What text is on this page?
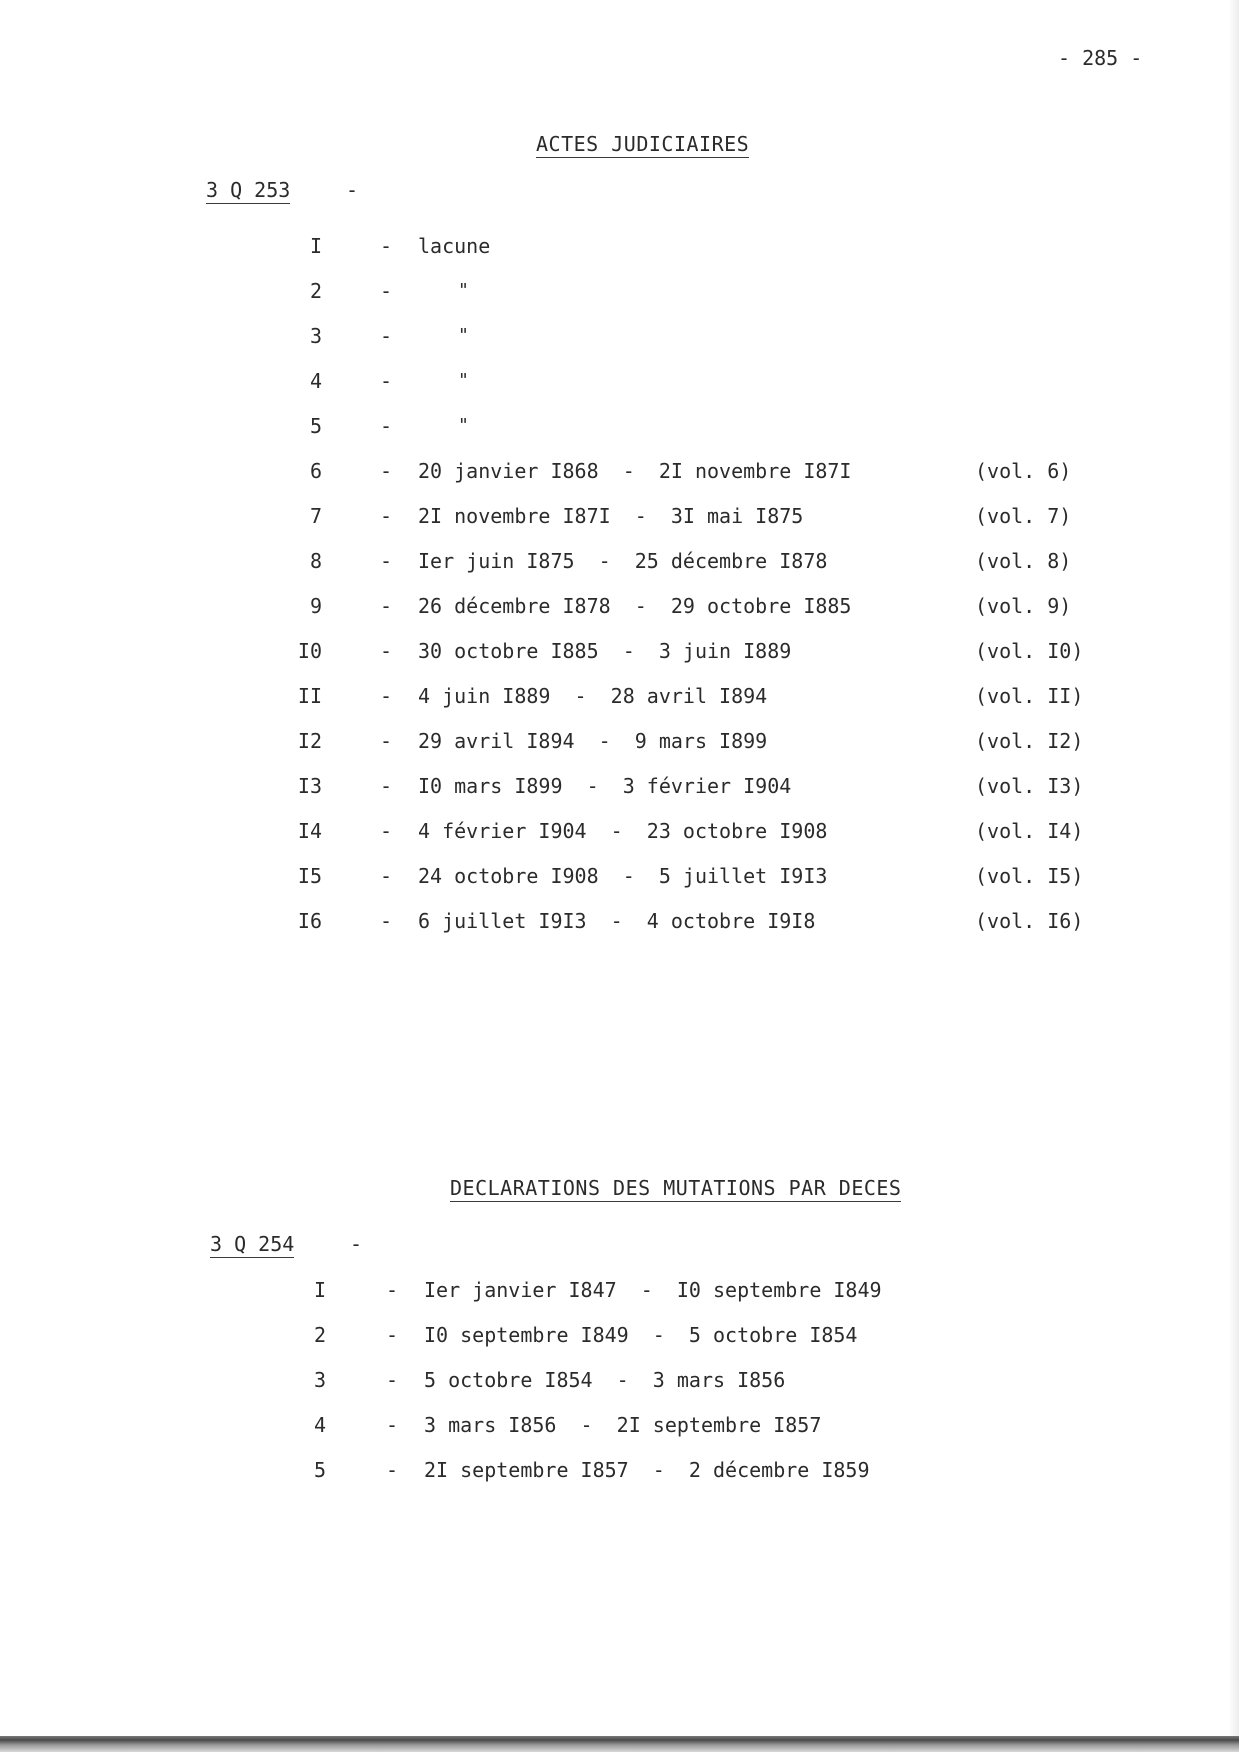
- 285 -
ACTES JUDICIAIRES
3 Q 253	-
I	- lacune
2	-	"
3	-	"
4	-	"
5	-	"
6	- 20 janvier I868  -  2I novembre I87I	(vol. 6)
7	- 2I novembre I87I  -  3I mai I875	(vol. 7)
8	- Ier juin I875  -  25 décembre I878	(vol. 8)
9	- 26 décembre I878  -  29 octobre I885	(vol. 9)
I0	- 30 octobre I885  -  3 juin I889	(vol. I0)
II	- 4 juin I889  -  28 avril I894	(vol. II)
I2	- 29 avril I894  -  9 mars I899	(vol. I2)
I3	- I0 mars I899  -  3 février I904	(vol. I3)
I4	- 4 février I904  -  23 octobre I908	(vol. I4)
I5	- 24 octobre I908  -  5 juillet I9I3	(vol. I5)
I6	- 6 juillet I9I3  -  4 octobre I9I8	(vol. I6)
DECLARATIONS DES MUTATIONS PAR DECES
3 Q 254	-
I	- Ier janvier I847  -  I0 septembre I849
2	- I0 septembre I849  -  5 octobre I854
3	- 5 octobre I854  -  3 mars I856
4	- 3 mars I856  -  2I septembre I857
5	- 2I septembre I857  -  2 décembre I859
